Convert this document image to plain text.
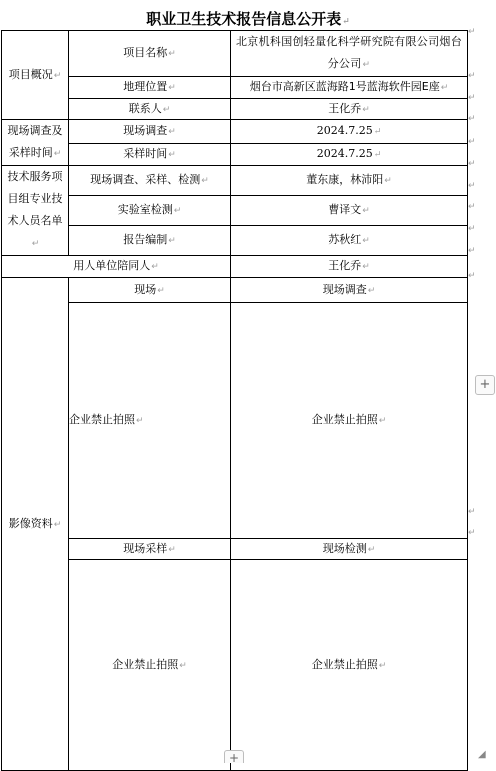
职业卫生技术报告信息公开表↵
项目概况↵	项目名称↵	北京机科国创轻量化科学研究院有限公司烟台分公司↵
	地理位置↵	烟台市高新区蓝海路1号蓝海软件园E座↵
	联系人↵	王化乔↵
现场调查及采样时间↵	现场调查↵	2024.7.25↵
	采样时间↵	2024.7.25↵
技术服务项目组专业技术人员名单↵	现场调查、采样、检测↵	董东康，林沛阳↵
	实验室检测↵	曹译文↵
	报告编制↵	苏秋红↵
用人单位陪同人↵		王化乔↵
影像资料↵	现场↵	现场调查↵
	企业禁止拍照↵	企业禁止拍照↵
	现场采样↵	现场检测↵
	企业禁止拍照↵	企业禁止拍照↵
↵
↵
↵
↵
↵
↵
↵
↵
↵
↵
↵
↵
↵
+
+	◢
